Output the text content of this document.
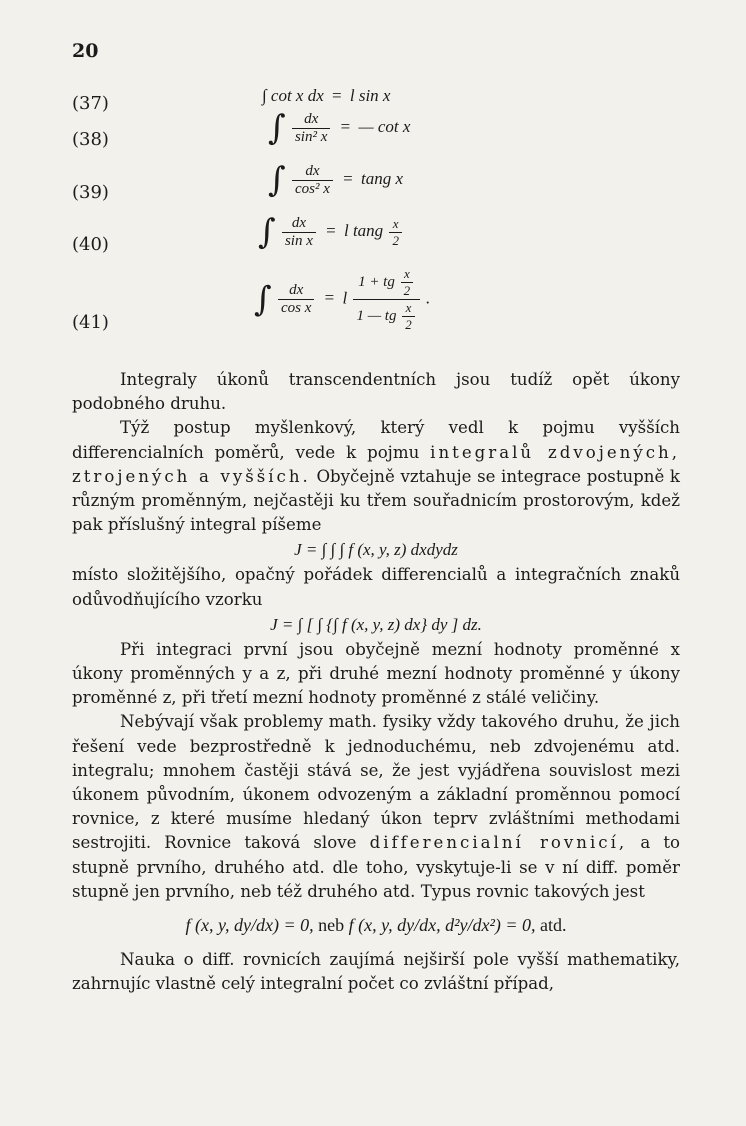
20
(37)	∫ cot x dx = l sin x
(38)	∫ $\frac{dx}{\text{sin² x}}$ = — cot x
(39)	∫ $\frac{dx}{\text{cos² x}} = \tan g$ x
(40)	∫ $\frac{dx}{\text{sin x}} = l$ tang $\frac{x}{2}$
(41)
∫ $\frac{dx}{\text{cos x}} = l \frac{1 + tg \frac{x}{2}}{1 — tg \frac{x}{2}}$ .

Integraly úkonů transcendentních jsou tudíž opět úkony podobného druhu.

Týž postup myšlenkový, který vedl k pojmu vyšších differencialních poměrů, vede k pojmu integralů zdvojených, ztrojených a vyšších. Obyčejně vztahuje se integrace postupně k různým proměnným, nejčastěji ku třem souřadnicím prostorovým, kdež pak příslušný integral píšeme

J = ∫ ∫ ∫ f (x, y, z) dxdydz

místo složitějšího, opačný pořádek differencialů a integračních znaků odůvodňujícího vzorku

J = ∫ [ ∫ {∫ f (x, y, z) dx} dy ] dz.

Při integraci první jsou obyčejně mezní hodnoty proměnné x úkony proměnných y a z, při druhé mezní hodnoty proměnné y úkony proměnné z, při třetí mezní hodnoty proměnné z stálé veličiny.

Nebývají však problemy math. fysiky vždy takového druhu, že jich řešení vede bezprostředně k jednoduchému, neb zdvojenému atd. integralu; mnohem častěji stává se, že jest vyjádřena souvislost mezi úkonem původním, úkonem odvozeným a základní proměnnou pomocí rovnice, z které musíme hledaný úkon teprv zvláštními methodami sestrojiti. Rovnice taková slove differencialní rovnicí, a to stupně prvního, druhého atd. dle toho, vyskytuje-li se v ní diff. poměr stupně jen prvního, neb též druhého atd. Typus rovnic takových jest

f (x, y, dy/dx) = 0, neb f (x, y, dy/dx, d²y/dx²) = 0, atd.

Nauka o diff. rovnicích zaujímá nejširší pole vyšší mathematiky, zahrnujíc vlastně celý integralní počet co zvláštní případ,
